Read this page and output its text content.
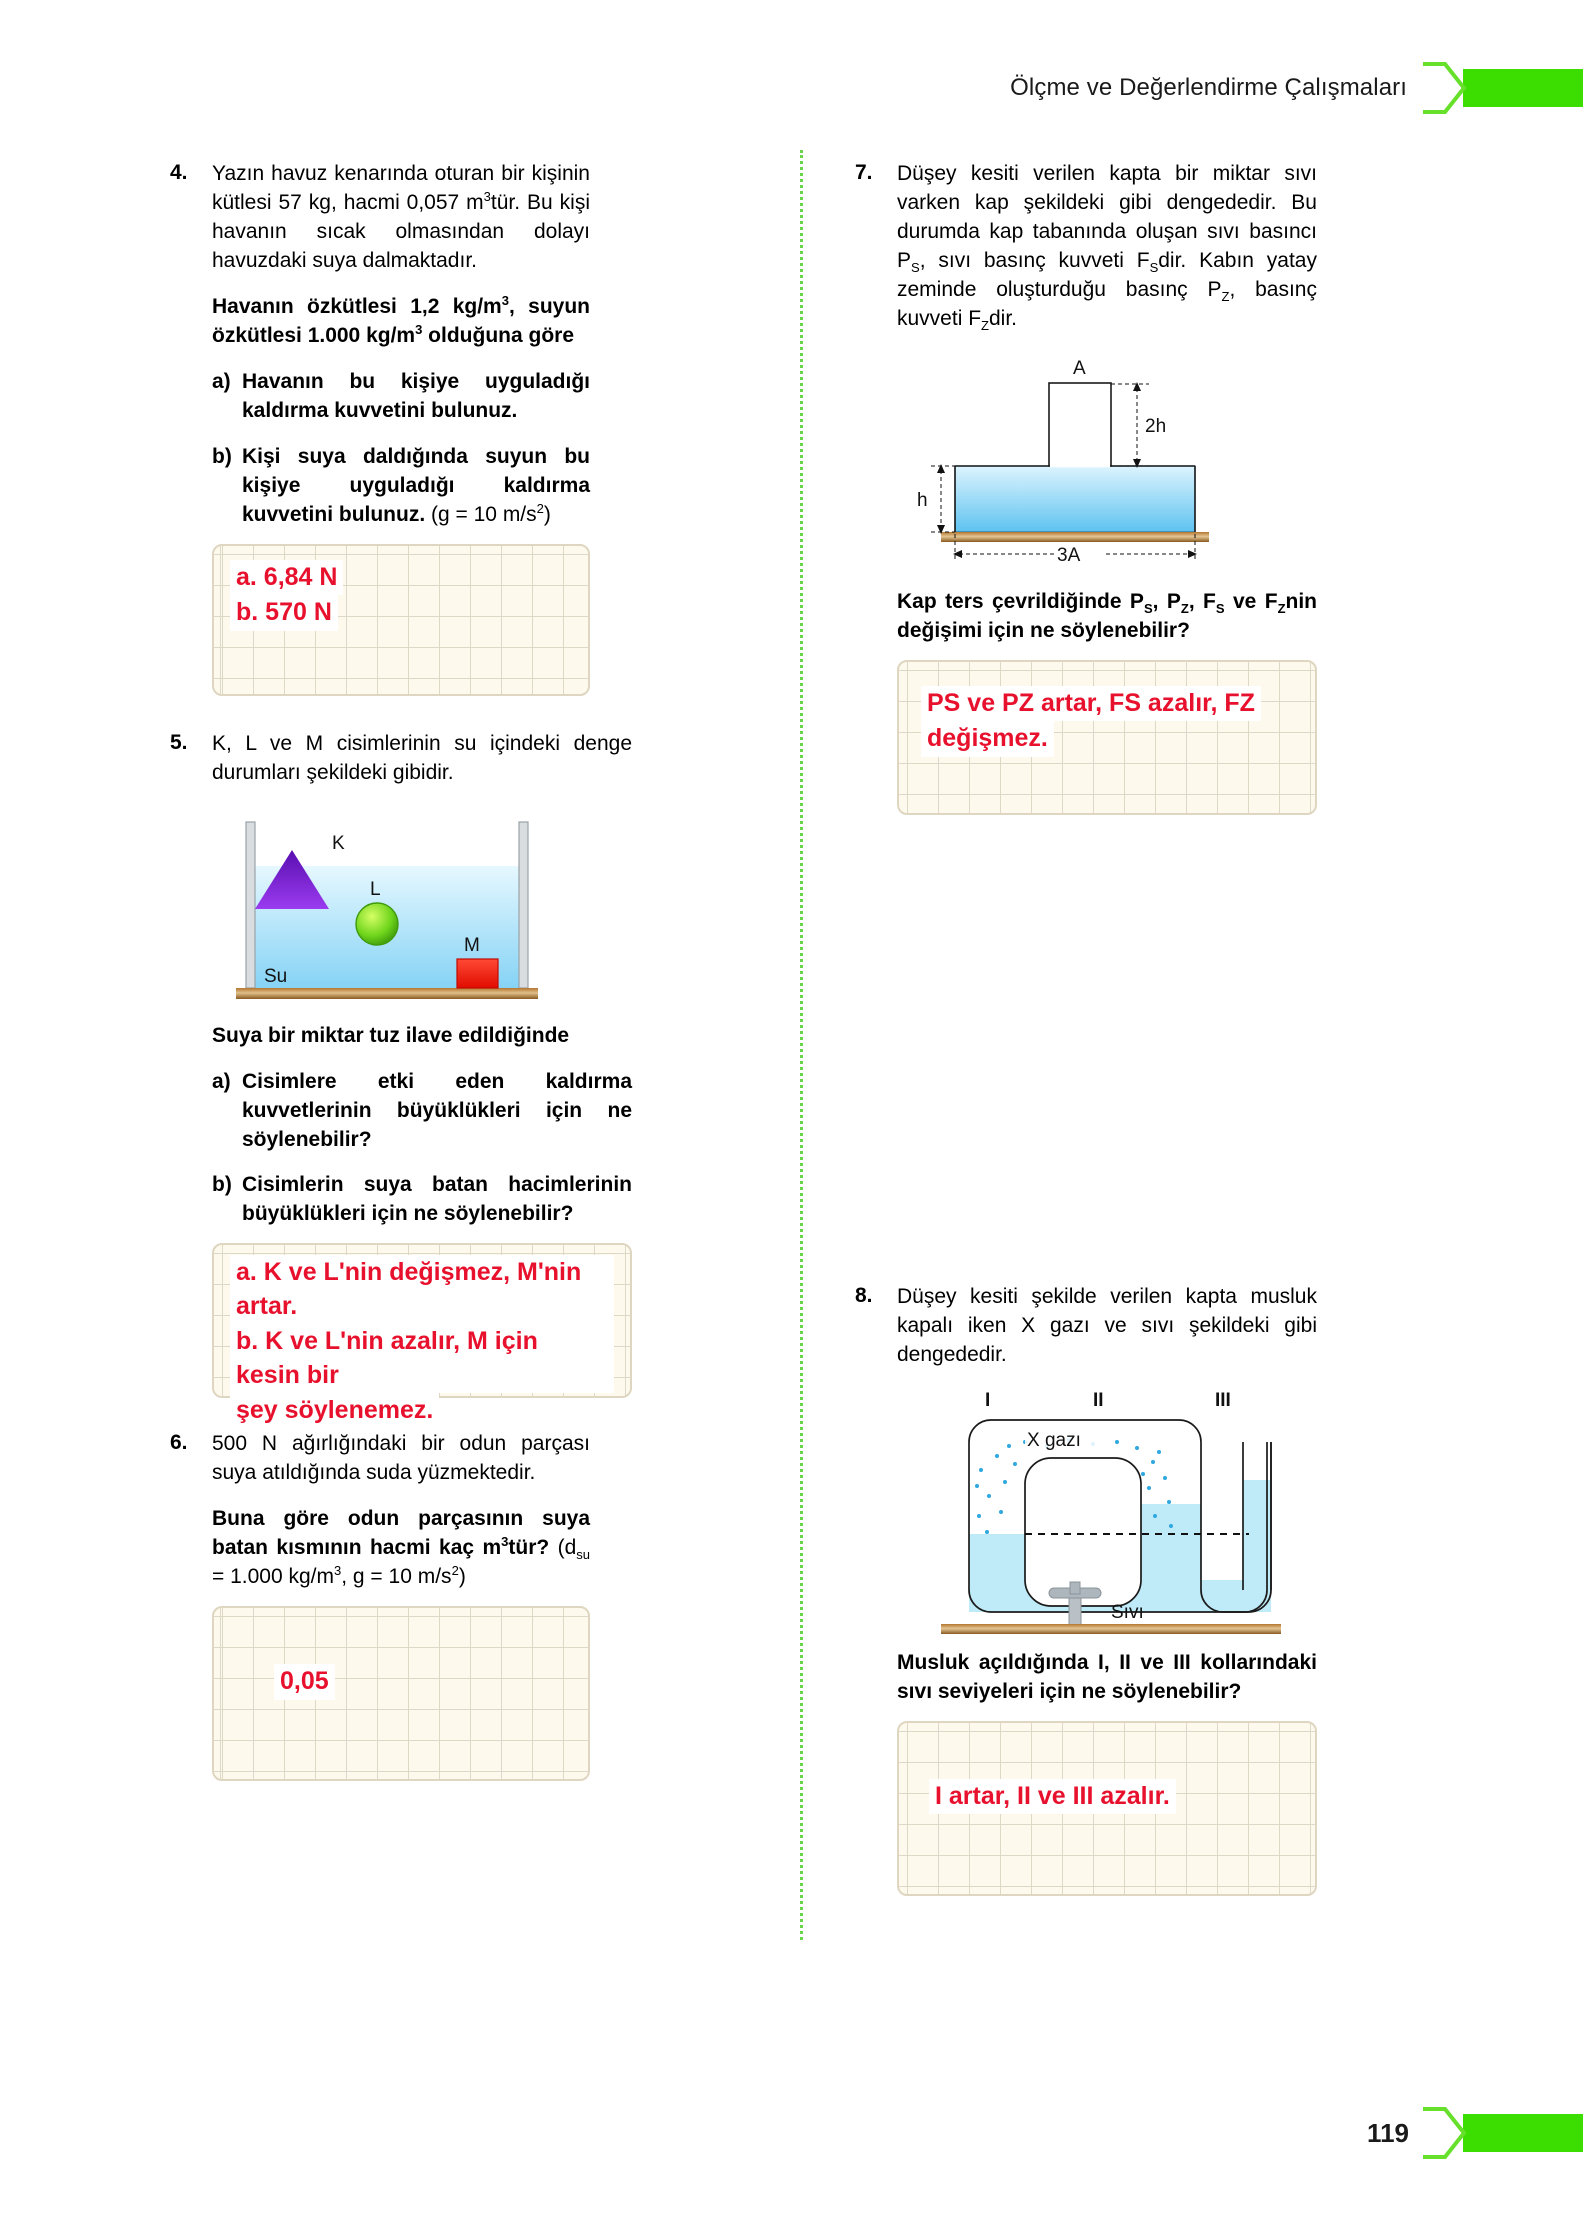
Ölçme ve Değerlendirme Çalışmaları
4.	Yazın havuz kenarında oturan bir kişinin kütlesi 57 kg, hacmi 0,057 $m^3tür$. Bu kişi havanın sıcak olmasından dolayı havuzdaki suya dalmaktadır.
Havanın özkütlesi 1,2 $kg/m^3$, suyun özkütlesi 1.000 $kg/m^3$ olduğuna göre
a) Havanın bu kişiye uyguladığı kaldırma kuvvetini bulunuz.
b) Kişi suya daldığında suyun bu kişiye uyguladığı kaldırma kuvvetini bulunuz. (g = 10 $m/s^2$)
a. 6,84 N
b. 570 N
5.	K, L ve M cisimlerinin su içindeki denge durumları şekildeki gibidir.
K
L
M
Su
Suya bir miktar tuz ilave edildiğinde
a) Cisimlere etki eden kaldırma kuvvetlerinin büyüklükleri için ne söylenebilir?
b) Cisimlerin suya batan hacimlerinin büyüklükleri için ne söylenebilir?
a. K ve L'nin değişmez, M'nin artar.
b. K ve L'nin azalır, M için kesin bir
şey söylenemez.
6.	500 N ağırlığındaki bir odun parçası suya atıldığında suda yüzmektedir.
Buna göre odun parçasının suya batan kısmının hacmi kaç $m^3tür$? ($d_{su} = 1.000$ $kg/m^3$, g = 10 $m/s^2$)
0,05
7.	Düşey kesiti verilen kapta bir miktar sıvı varken kap şekildeki gibi dengededir. Bu durumda kap tabanında oluşan sıvı basıncı $P_S$, sıvı basınç kuvveti $F_Sdir$. Kabın yatay zeminde oluşturduğu basınç $P_Z$, basınç kuvveti $F_Zdir$.
A
2h
h
3A
Kap ters çevrildiğinde $P_S$, $P_Z$, $F_S$ ve $F_Znin$ değişimi için ne söylenebilir?
PS ve PZ artar, FS azalır, FZ
değişmez.
8.	Düşey kesiti şekilde verilen kapta musluk kapalı iken X gazı ve sıvı şekildeki gibi dengededir.
I	II	III
X gazı
Sıvı
Musluk açıldığında I, II ve III kollarındaki sıvı seviyeleri için ne söylenebilir?
I artar, II ve III azalır.
119
